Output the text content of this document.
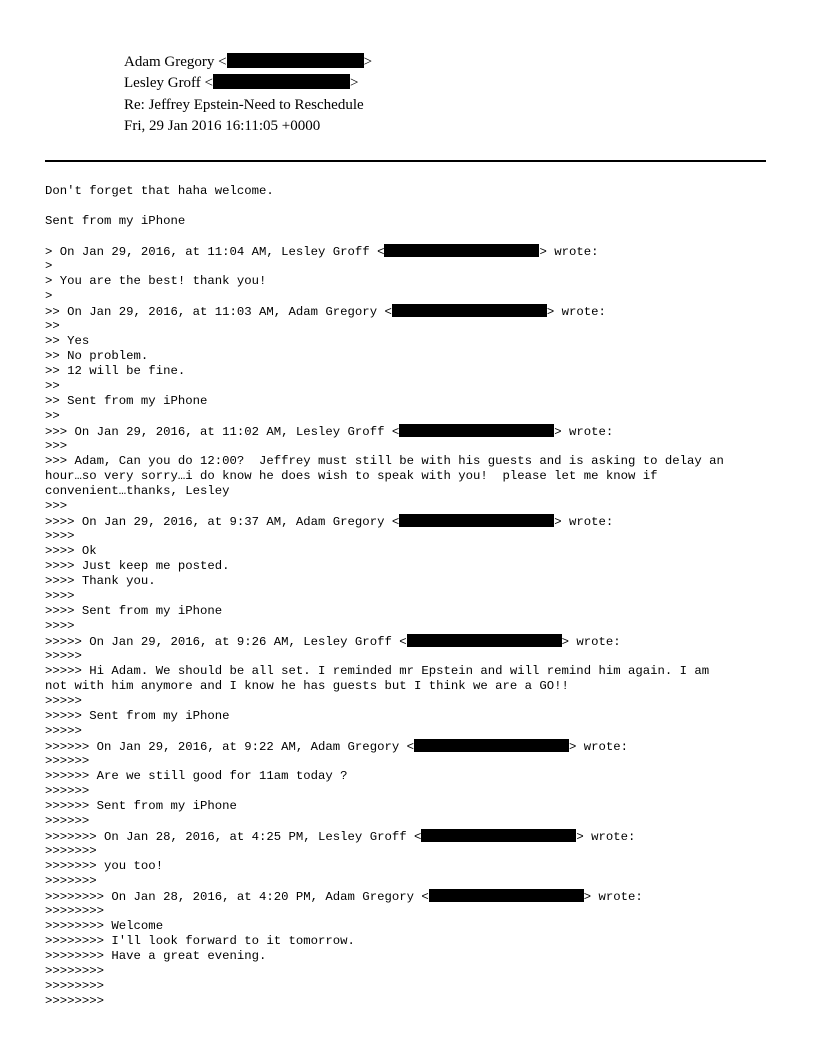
Adam Gregory <	>
Lesley Groff <	>
Re: Jeffrey Epstein-Need to Reschedule
Fri, 29 Jan 2016 16:11:05 +0000
Don't forget that haha welcome.
Sent from my iPhone
> On Jan 29, 2016, at 11:04 AM, Lesley Groff <	> wrote:
>
> You are the best! thank you!
>
>> On Jan 29, 2016, at 11:03 AM, Adam Gregory <	> wrote:
>>
>> Yes
>> No problem.
>> 12 will be fine.
>>
>> Sent from my iPhone
>>
>>> On Jan 29, 2016, at 11:02 AM, Lesley Groff <	> wrote:
>>>
>>> Adam, Can you do 12:00?  Jeffrey must still be with his guests and is asking to delay an
hour…so very sorry…i do know he does wish to speak with you!  please let me know if
convenient…thanks, Lesley
>>>
>>>> On Jan 29, 2016, at 9:37 AM, Adam Gregory <	> wrote:
>>>>
>>>> Ok
>>>> Just keep me posted.
>>>> Thank you.
>>>>
>>>> Sent from my iPhone
>>>>
>>>>> On Jan 29, 2016, at 9:26 AM, Lesley Groff <	> wrote:
>>>>>
>>>>> Hi Adam. We should be all set. I reminded mr Epstein and will remind him again. I am
not with him anymore and I know he has guests but I think we are a GO!!
>>>>>
>>>>> Sent from my iPhone
>>>>>
>>>>>> On Jan 29, 2016, at 9:22 AM, Adam Gregory <	> wrote:
>>>>>>
>>>>>> Are we still good for 11am today ?
>>>>>>
>>>>>> Sent from my iPhone
>>>>>>
>>>>>>> On Jan 28, 2016, at 4:25 PM, Lesley Groff <	> wrote:
>>>>>>>
>>>>>>> you too!
>>>>>>>
>>>>>>>> On Jan 28, 2016, at 4:20 PM, Adam Gregory <	> wrote:
>>>>>>>>
>>>>>>>> Welcome
>>>>>>>> I'll look forward to it tomorrow.
>>>>>>>> Have a great evening.
>>>>>>>>
>>>>>>>>
>>>>>>>>
